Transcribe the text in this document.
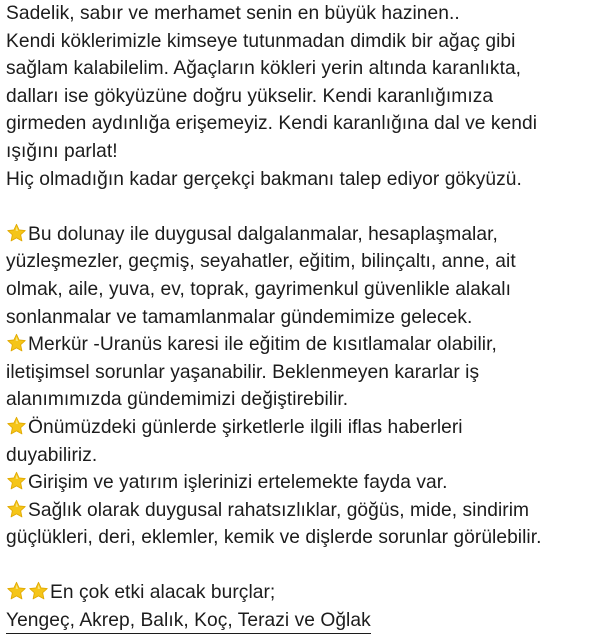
Sadelik, sabır ve merhamet senin en büyük hazinen..
Kendi köklerimizle kimseye tutunmadan dimdik bir ağaç gibi
sağlam kalabilelim. Ağaçların kökleri yerin altında karanlıkta,
dalları ise gökyüzüne doğru yükselir. Kendi karanlığımıza
girmeden aydınlığa erişemeyiz. Kendi karanlığına dal ve kendi
ışığını parlat!
Hiç olmadığın kadar gerçekçi bakmanı talep ediyor gökyüzü.
Bu dolunay ile duygusal dalgalanmalar, hesaplaşmalar,
yüzleşmezler, geçmiş, seyahatler, eğitim, bilinçaltı, anne, ait
olmak, aile, yuva, ev, toprak, gayrimenkul güvenlikle alakalı
sonlanmalar ve tamamlanmalar gündemimize gelecek.
Merkür -Uranüs karesi ile eğitim de kısıtlamalar olabilir,
iletişimsel sorunlar yaşanabilir. Beklenmeyen kararlar iş
alanımımızda gündemimizi değiştirebilir.
Önümüzdeki günlerde şirketlerle ilgili iflas haberleri
duyabiliriz.
Girişim ve yatırım işlerinizi ertelemekte fayda var.
Sağlık olarak duygusal rahatsızlıklar, göğüs, mide, sindirim
güçlükleri, deri, eklemler, kemik ve dişlerde sorunlar görülebilir.
En çok etki alacak burçlar;
Yengeç, Akrep, Balık, Koç, Terazi ve Oğlak
